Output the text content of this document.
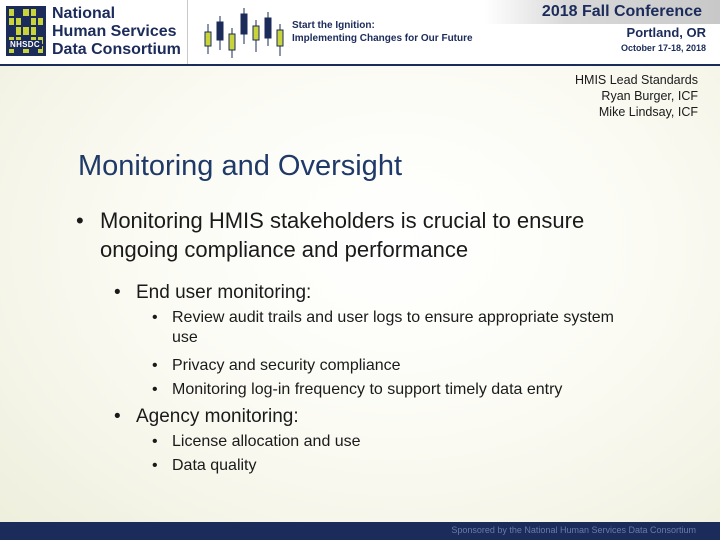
NHSDC
National
Human Services
Data Consortium
Start the Ignition:
Implementing Changes for Our Future
2018 Fall Conference
Portland, OR
October 17-18, 2018
HMIS Lead Standards
Ryan Burger, ICF
Mike Lindsay, ICF
Monitoring and Oversight
• Monitoring HMIS stakeholders is crucial to ensure ongoing compliance and performance
• End user monitoring:
• Review audit trails and user logs to ensure appropriate system use
• Privacy and security compliance
• Monitoring log-in frequency to support timely data entry
• Agency monitoring:
• License allocation and use
• Data quality
Sponsored by the National Human Services Data Consortium
